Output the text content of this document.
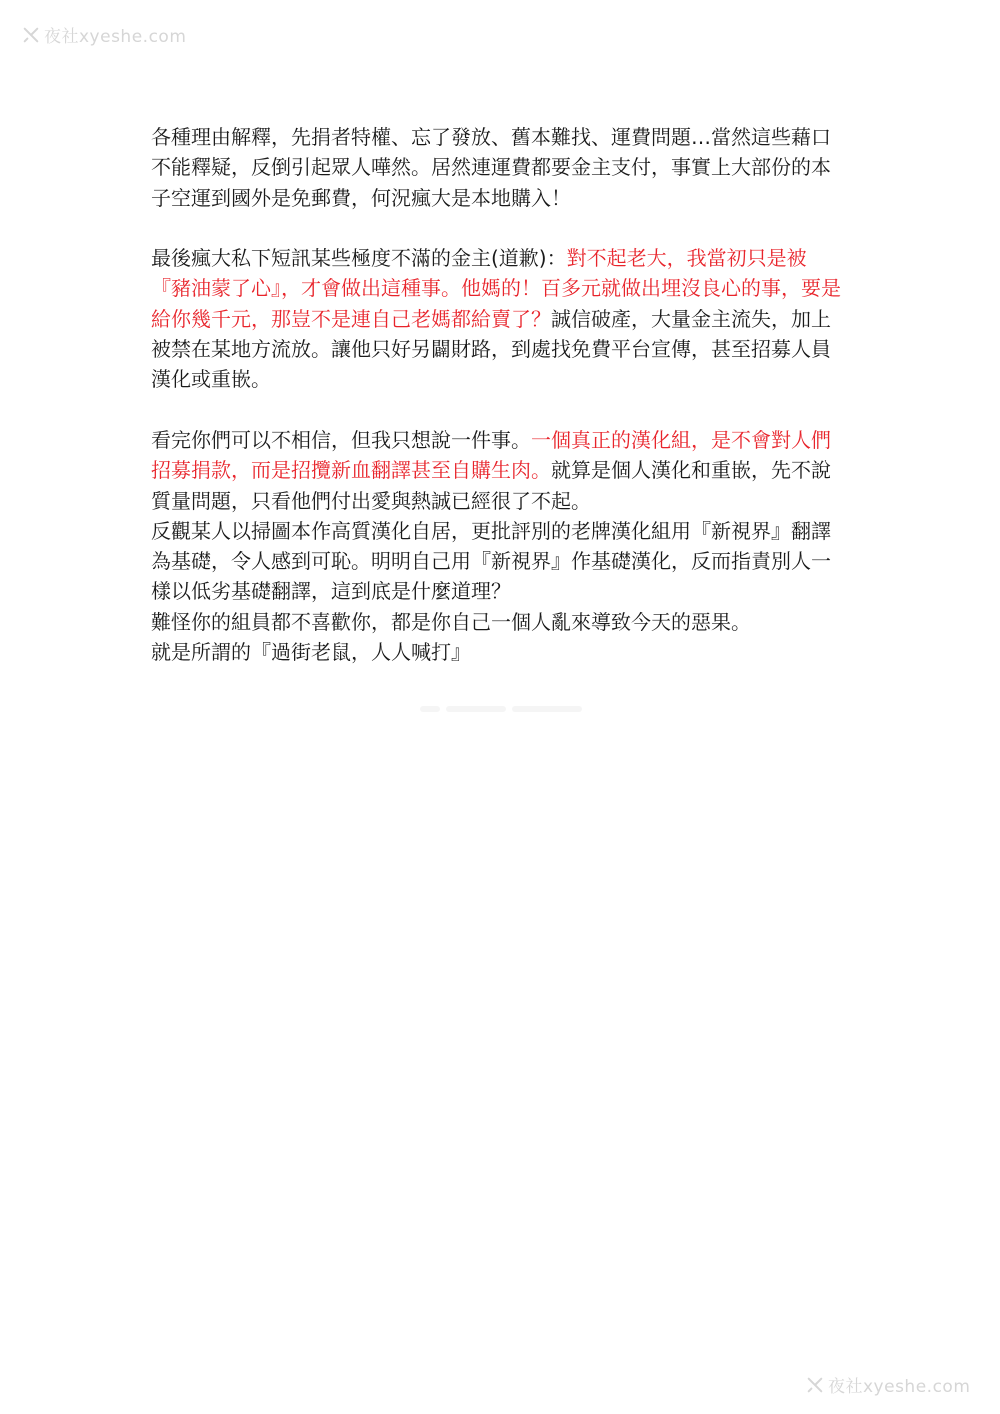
夜社xyeshe.com

各種理由解釋，先捐者特權、忘了發放、舊本難找、運費問題…當然這些藉口
不能釋疑，反倒引起眾人嘩然。居然連運費都要金主支付，事實上大部份的本
子空運到國外是免郵費，何況瘋大是本地購入！

最後瘋大私下短訊某些極度不滿的金主(道歉)：對不起老大，我當初只是被
『豬油蒙了心』，才會做出這種事。他媽的！百多元就做出埋沒良心的事，要是
給你幾千元，那豈不是連自己老媽都給賣了？誠信破產，大量金主流失，加上
被禁在某地方流放。讓他只好另闢財路，到處找免費平台宣傳，甚至招募人員
漢化或重嵌。

看完你們可以不相信，但我只想說一件事。一個真正的漢化組，是不會對人們
招募捐款，而是招攬新血翻譯甚至自購生肉。就算是個人漢化和重嵌，先不說
質量問題，只看他們付出愛與熱誠已經很了不起。
反觀某人以掃圖本作高質漢化自居，更批評別的老牌漢化組用『新視界』翻譯
為基礎，令人感到可恥。明明自己用『新視界』作基礎漢化，反而指責別人一
樣以低劣基礎翻譯，這到底是什麼道理？
難怪你的組員都不喜歡你，都是你自己一個人亂來導致今天的惡果。
就是所謂的『過街老鼠，人人喊打』

夜社xyeshe.com
